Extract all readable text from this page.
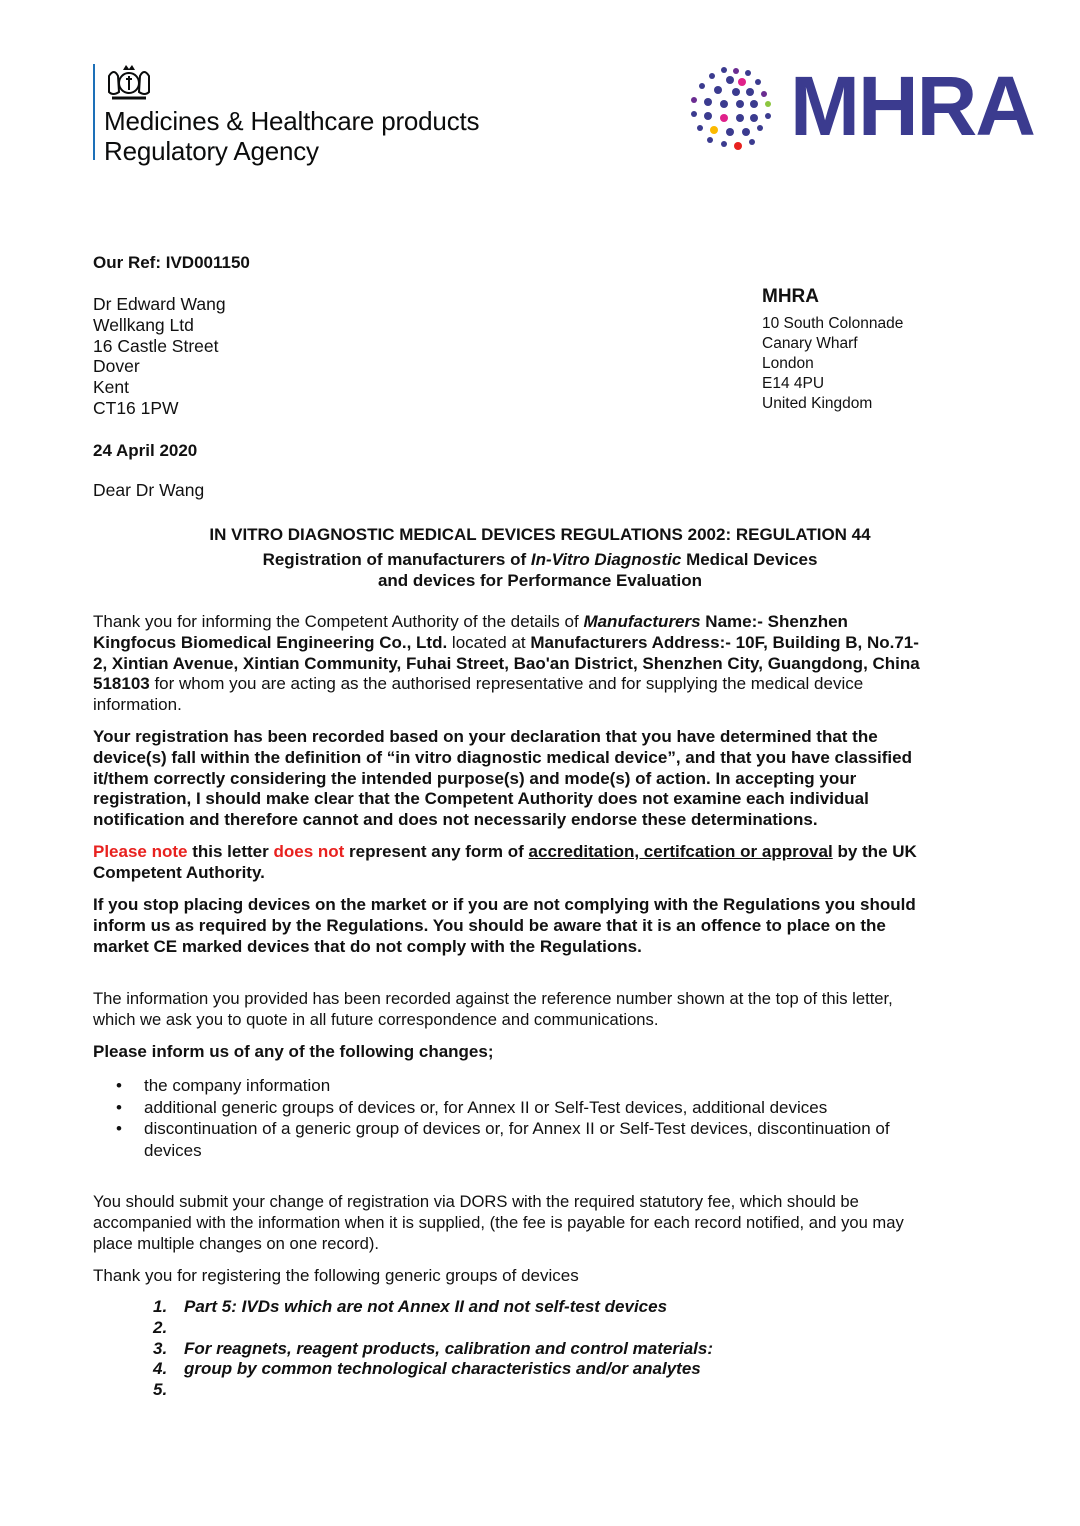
Medicines & Healthcare products
Regulatory Agency	MHRA
Our Ref: IVD001150
Dr Edward Wang
Wellkang Ltd
16 Castle Street
Dover
Kent
CT16 1PW
MHRA
10 South Colonnade
Canary Wharf
London
E14 4PU
United Kingdom
24 April 2020
Dear Dr Wang
IN VITRO DIAGNOSTIC MEDICAL DEVICES REGULATIONS 2002: REGULATION 44
Registration of manufacturers of In-Vitro Diagnostic Medical Devices
and devices for Performance Evaluation
Thank you for informing the Competent Authority of the details of Manufacturers Name:- Shenzhen
Kingfocus Biomedical Engineering Co., Ltd. located at Manufacturers Address:- 10F, Building B, No.71-
2, Xintian Avenue, Xintian Community, Fuhai Street, Bao'an District, Shenzhen City, Guangdong, China
518103 for whom you are acting as the authorised representative and for supplying the medical device
information.
Your registration has been recorded based on your declaration that you have determined that the
device(s) fall within the definition of “in vitro diagnostic medical device”, and that you have classified
it/them correctly considering the intended purpose(s) and mode(s) of action. In accepting your
registration, I should make clear that the Competent Authority does not examine each individual
notification and therefore cannot and does not necessarily endorse these determinations.
Please note this letter does not represent any form of accreditation, certifcation or approval by the UK
Competent Authority.
If you stop placing devices on the market or if you are not complying with the Regulations you should
inform us as required by the Regulations. You should be aware that it is an offence to place on the
market CE marked devices that do not comply with the Regulations.
The information you provided has been recorded against the reference number shown at the top of this letter,
which we ask you to quote in all future correspondence and communications.
Please inform us of any of the following changes;
• the company information
• additional generic groups of devices or, for Annex II or Self-Test devices, additional devices
• discontinuation of a generic group of devices or, for Annex II or Self-Test devices, discontinuation of
devices
You should submit your change of registration via DORS with the required statutory fee, which should be
accompanied with the information when it is supplied, (the fee is payable for each record notified, and you may
place multiple changes on one record).
Thank you for registering the following generic groups of devices
1. Part 5: IVDs which are not Annex II and not self-test devices
2.
3. For reagnets, reagent products, calibration and control materials:
4. group by common technological characteristics and/or analytes
5.
